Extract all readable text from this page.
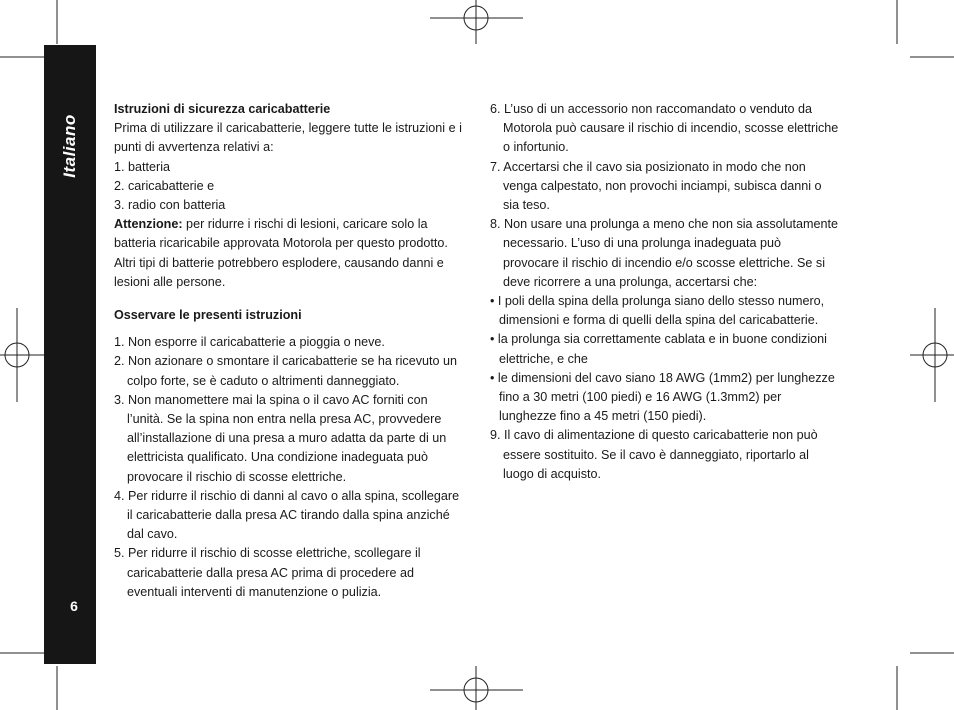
Italiano
6

Istruzioni di sicurezza caricabatterie

Prima di utilizzare il caricabatterie, leggere tutte le istruzioni e i punti di avvertenza relativi a:

1. batteria

2. caricabatterie e

3. radio con batteria

Attenzione: per ridurre i rischi di lesioni, caricare solo la batteria ricaricabile approvata Motorola per questo prodotto. Altri tipi di batterie potrebbero esplodere, causando danni e lesioni alle persone.

Osservare le presenti istruzioni

1. Non esporre il caricabatterie a pioggia o neve.
2. Non azionare o smontare il caricabatterie se ha ricevuto un colpo forte, se è caduto o altrimenti danneggiato.
3. Non manomettere mai la spina o il cavo AC forniti con l’unità. Se la spina non entra nella presa AC, provvedere all’installazione di una presa a muro adatta da parte di un elettricista qualificato. Una condizione inadeguata può provocare il rischio di scosse elettriche.
4. Per ridurre il rischio di danni al cavo o alla spina, scollegare il caricabatterie dalla presa AC tirando dalla spina anziché dal cavo.
5. Per ridurre il rischio di scosse elettriche, scollegare il caricabatterie dalla presa AC prima di procedere ad eventuali interventi di manutenzione o pulizia.
6. L’uso di un accessorio non raccomandato o venduto da Motorola può causare il rischio di incendio, scosse elettriche o infortunio.
7. Accertarsi che il cavo sia posizionato in modo che non venga calpestato, non provochi inciampi, subisca danni o sia teso.
8. Non usare una prolunga a meno che non sia assolutamente necessario. L’uso di una prolunga inadeguata può provocare il rischio di incendio e/o scosse elettriche. Se si deve ricorrere a una prolunga, accertarsi che:
• I poli della spina della prolunga siano dello stesso numero, dimensioni e forma di quelli della spina del caricabatterie.
• la prolunga sia correttamente cablata e in buone condizioni elettriche, e che
• le dimensioni del cavo siano 18 AWG (1mm2) per lunghezze fino a 30 metri (100 piedi) e 16 AWG (1.3mm2) per lunghezze fino a 45 metri (150 piedi).
9. Il cavo di alimentazione di questo caricabatterie non può essere sostituito. Se il cavo è danneggiato, riportarlo al luogo di acquisto.
